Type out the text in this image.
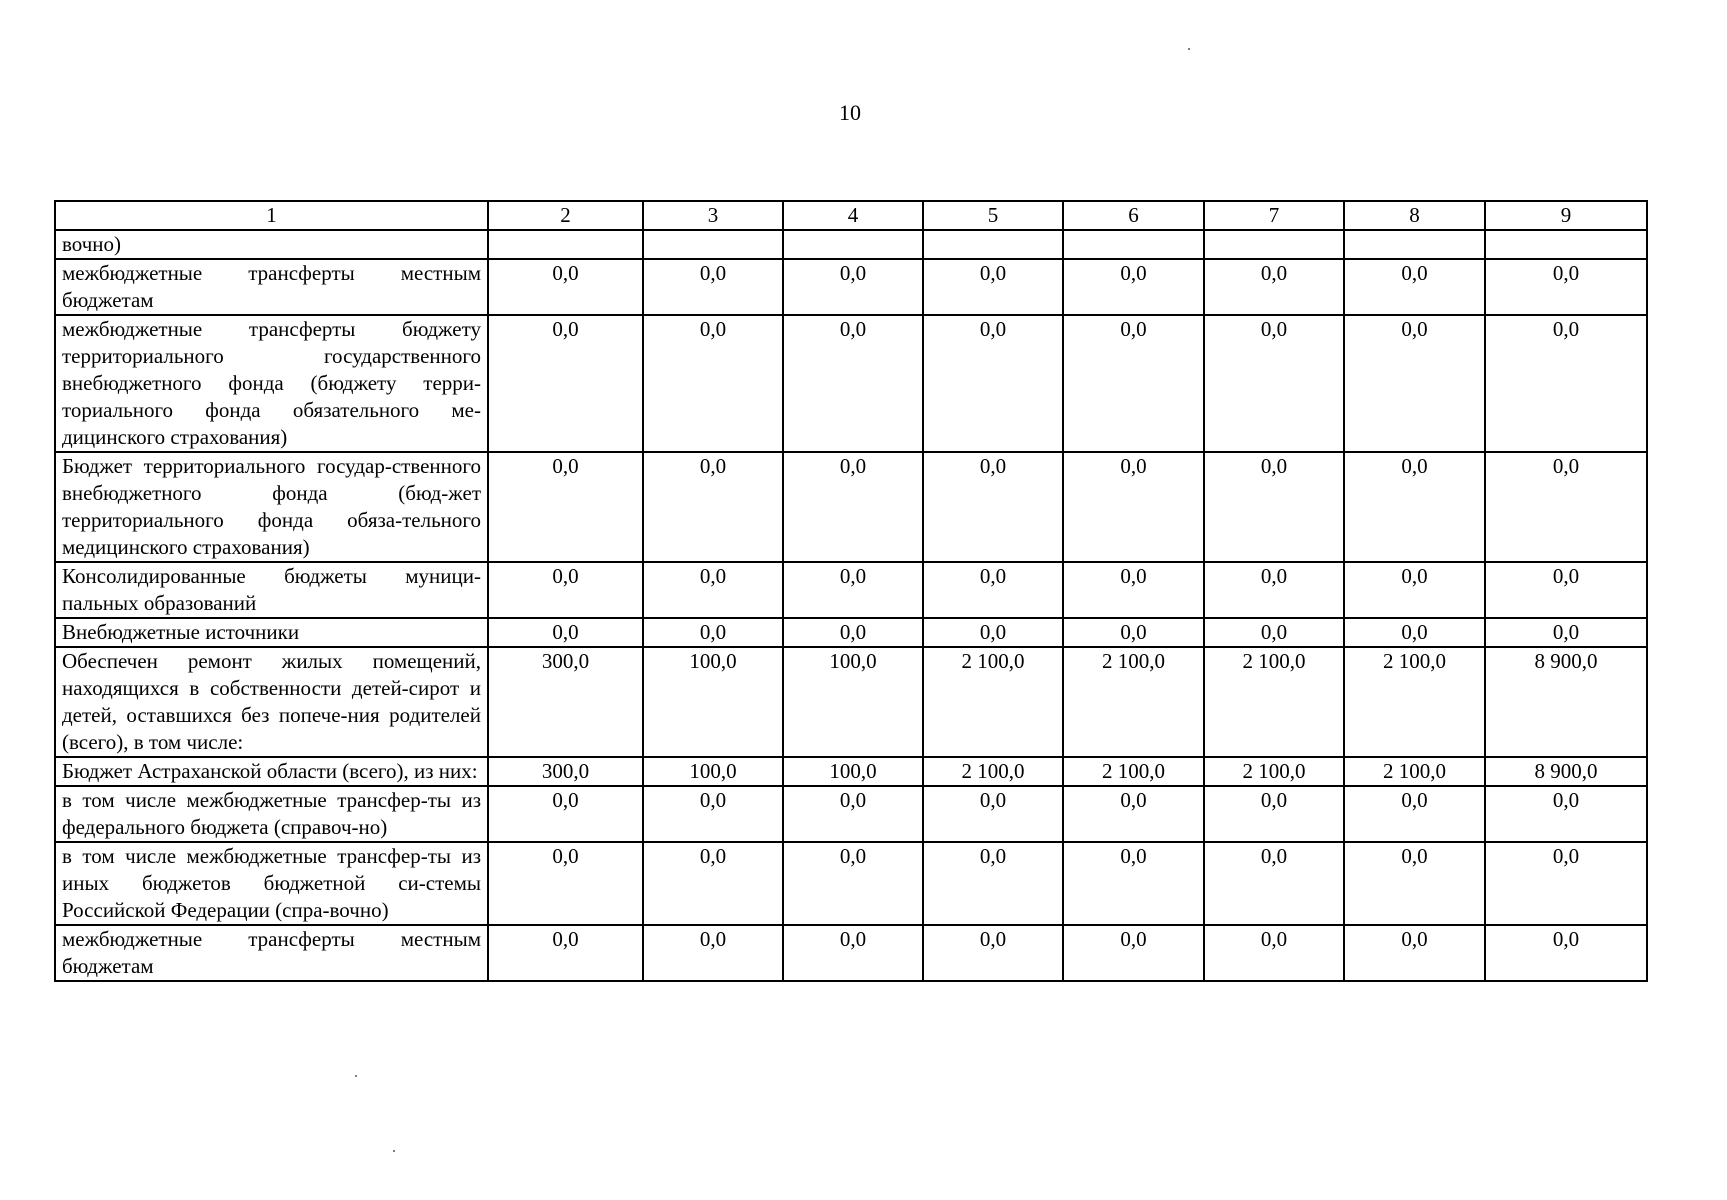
10
1	2	3	4	5	6	7	8	9
вочно)								
межбюджетные трансферты местным бюджетам	0,0	0,0	0,0	0,0	0,0	0,0	0,0	0,0
межбюджетные трансферты бюджету территориального государственного внебюджетного фонда (бюджету терри-ториального фонда обязательного ме-дицинского страхования)	0,0	0,0	0,0	0,0	0,0	0,0	0,0	0,0
Бюджет территориального государ-ственного внебюджетного фонда (бюд-жет территориального фонда обяза-тельного медицинского страхования)	0,0	0,0	0,0	0,0	0,0	0,0	0,0	0,0
Консолидированные бюджеты муници-пальных образований	0,0	0,0	0,0	0,0	0,0	0,0	0,0	0,0
Внебюджетные источники	0,0	0,0	0,0	0,0	0,0	0,0	0,0	0,0
Обеспечен ремонт жилых помещений, находящихся в собственности детей-сирот и детей, оставшихся без попече-ния родителей (всего), в том числе:	300,0	100,0	100,0	2 100,0	2 100,0	2 100,0	2 100,0	8 900,0
Бюджет Астраханской области (всего), из них:	300,0	100,0	100,0	2 100,0	2 100,0	2 100,0	2 100,0	8 900,0
в том числе межбюджетные трансфер-ты из федерального бюджета (справоч-но)	0,0	0,0	0,0	0,0	0,0	0,0	0,0	0,0
в том числе межбюджетные трансфер-ты из иных бюджетов бюджетной си-стемы Российской Федерации (спра-вочно)	0,0	0,0	0,0	0,0	0,0	0,0	0,0	0,0
межбюджетные трансферты местным бюджетам	0,0	0,0	0,0	0,0	0,0	0,0	0,0	0,0
